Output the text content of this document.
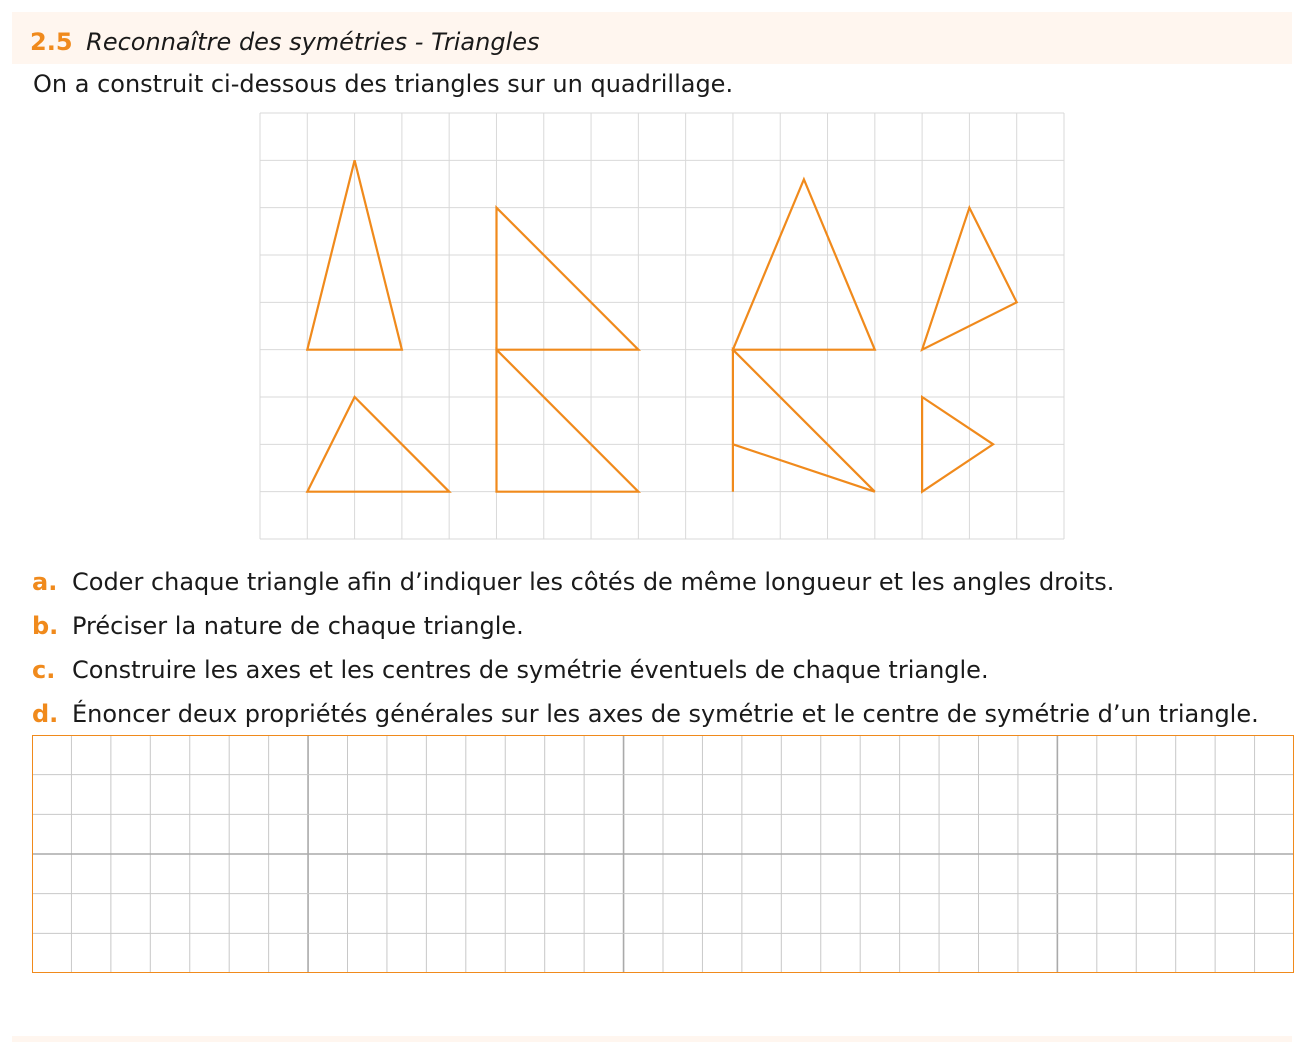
2.5 Reconnaître des symétries - Triangles
On a construit ci-dessous des triangles sur un quadrillage.
a. Coder chaque triangle afin d’indiquer les côtés de même longueur et les angles droits.
b. Préciser la nature de chaque triangle.
c. Construire les axes et les centres de symétrie éventuels de chaque triangle.
d. Énoncer deux propriétés générales sur les axes de symétrie et le centre de symétrie d’un triangle.
